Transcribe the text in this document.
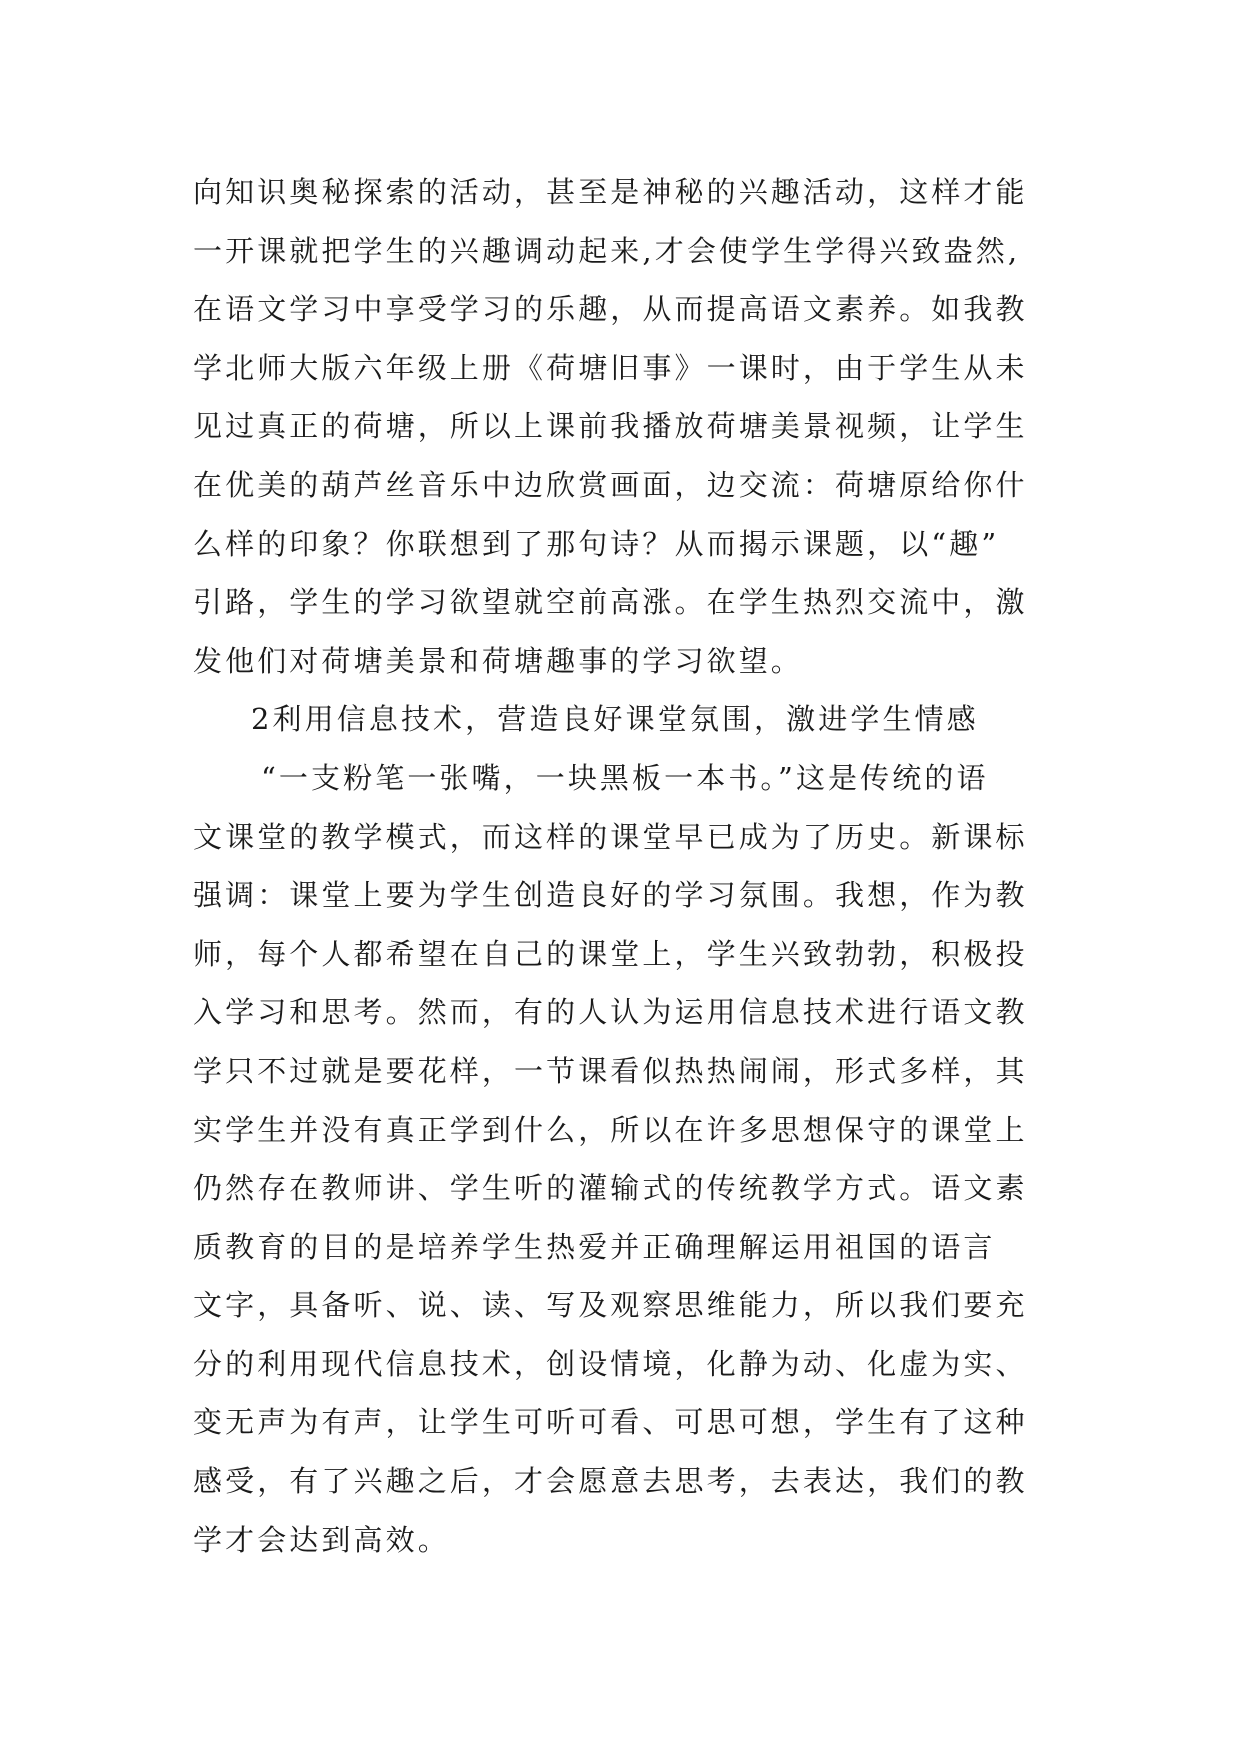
向知识奥秘探索的活动，甚至是神秘的兴趣活动，这样才能
一开课就把学生的兴趣调动起来,才会使学生学得兴致盎然,
在语文学习中享受学习的乐趣，从而提高语文素养。如我教
学北师大版六年级上册《荷塘旧事》一课时，由于学生从未
见过真正的荷塘，所以上课前我播放荷塘美景视频，让学生
在优美的葫芦丝音乐中边欣赏画面，边交流：荷塘原给你什
么样的印象？你联想到了那句诗？从而揭示课题，以“趣”
引路，学生的学习欲望就空前高涨。在学生热烈交流中，激
发他们对荷塘美景和荷塘趣事的学习欲望。
2利用信息技术，营造良好课堂氛围，激进学生情感
“一支粉笔一张嘴，一块黑板一本书。”这是传统的语
文课堂的教学模式，而这样的课堂早已成为了历史。新课标
强调：课堂上要为学生创造良好的学习氛围。我想，作为教
师，每个人都希望在自己的课堂上，学生兴致勃勃，积极投
入学习和思考。然而，有的人认为运用信息技术进行语文教
学只不过就是要花样，一节课看似热热闹闹，形式多样，其
实学生并没有真正学到什么，所以在许多思想保守的课堂上
仍然存在教师讲、学生听的灌输式的传统教学方式。语文素
质教育的目的是培养学生热爱并正确理解运用祖国的语言
文字，具备听、说、读、写及观察思维能力，所以我们要充
分的利用现代信息技术，创设情境，化静为动、化虚为实、
变无声为有声，让学生可听可看、可思可想，学生有了这种
感受，有了兴趣之后，才会愿意去思考，去表达，我们的教
学才会达到高效。
